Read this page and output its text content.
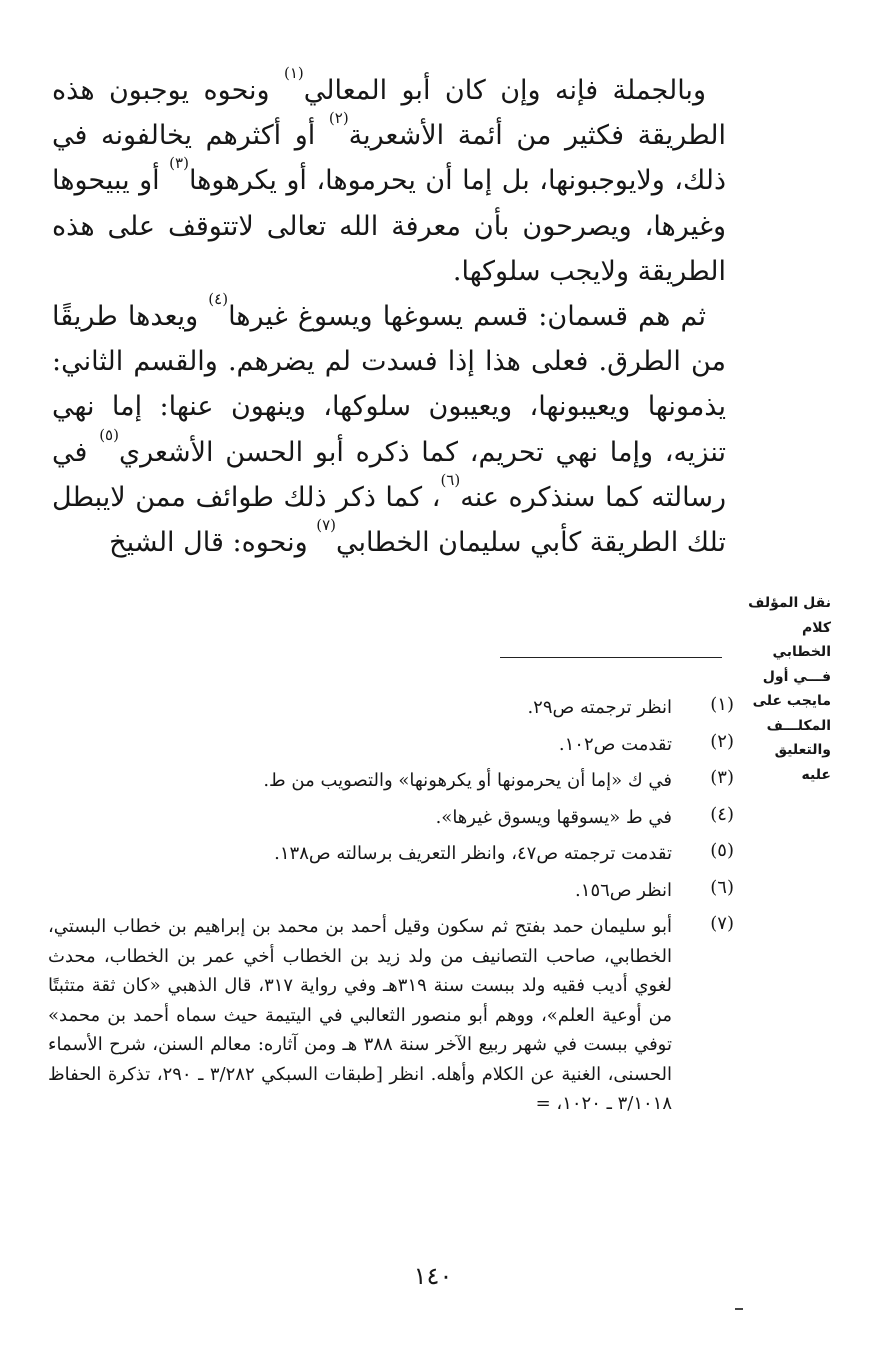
وبالجملة فإنه وإن كان أبو المعالي$^{(١)}$ ونحوه يوجبون هذه الطريقة فكثير من أئمة الأشعرية$^{(٢)}$ أو أكثرهم يخالفونه في ذلك، ولايوجبونها، بل إما أن يحرموها، أو يكرهوها$^{(٣)}$ أو يبيحوها وغيرها، ويصرحون بأن معرفة الله تعالى لاتتوقف على هذه الطريقة ولايجب سلوكها.

ثم هم قسمان: قسم يسوغها ويسوغ غيرها$^{(٤)}$ ويعدها طريقًا من الطرق. فعلى هذا إذا فسدت لم يضرهم. والقسم الثاني: يذمونها ويعيبونها، ويعيبون سلوكها، وينهون عنها: إما نهي تنزيه، وإما نهي تحريم، كما ذكره أبو الحسن الأشعري$^{(٥)}$ في رسالته كما سنذكره عنه$^{(٦)}$، كما ذكر ذلك طوائف ممن لايبطل تلك الطريقة كأبي سليمان الخطابي$^{(٧)}$ ونحوه: قال الشيخ

نقل المؤلف
كلام الخطابي
فـــي أول
مايجب على
المكلـــف
والتعليق عليه
(١)
انظر ترجمته ص٢٩.
(٢)
تقدمت ص١٠٢.
(٣)
في ك «إما أن يحرمونها أو يكرهونها» والتصويب من ط.
(٤)
في ط «يسوقها ويسوق غيرها».
(٥)
تقدمت ترجمته ص٤٧، وانظر التعريف برسالته ص١٣٨.
(٦)
انظر ص١٥٦.
(٧)
أبو سليمان حمد بفتح ثم سكون وقيل أحمد بن محمد بن إبراهيم بن خطاب البستي، الخطابي، صاحب التصانيف من ولد زيد بن الخطاب أخي عمر بن الخطاب، محدث لغوي أديب فقيه ولد ببست سنة ٣١٩هـ وفي رواية ٣١٧، قال الذهبي «كان ثقة متثبتًا من أوعية العلم»، ووهم أبو منصور الثعالبي في اليتيمة حيث سماه أحمد بن محمد» توفي ببست في شهر ربيع الآخر سنة ٣٨٨ هـ ومن آثاره: معالم السنن، شرح الأسماء الحسنى، الغنية عن الكلام وأهله. انظر [طبقات السبكي ٣/٢٨٢ ـ ٢٩٠، تذكرة الحفاظ ٣/١٠١٨ ـ ١٠٢٠، =
١٤٠
